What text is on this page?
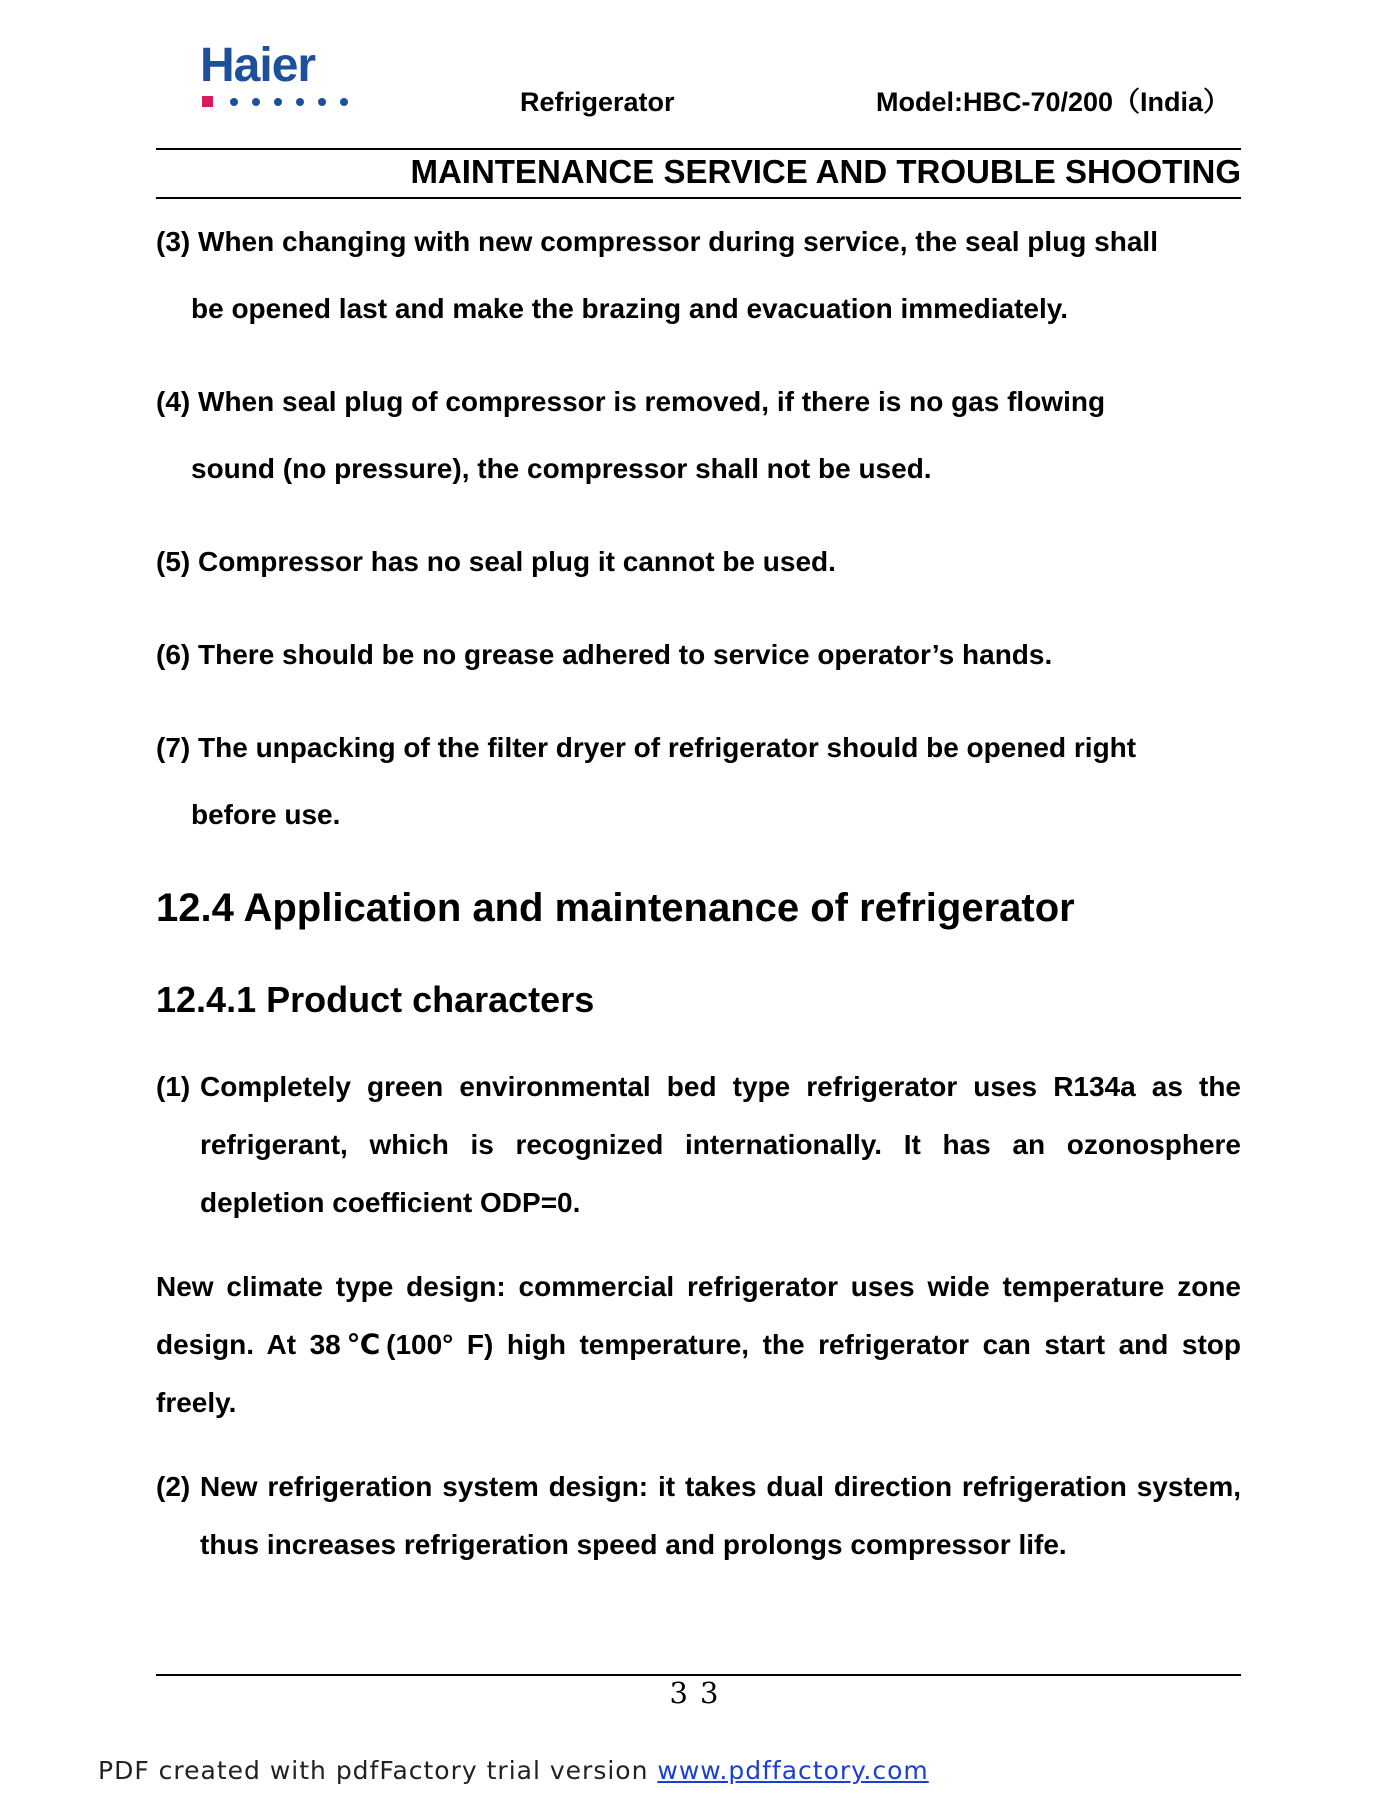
Haier
Refrigerator	Model:HBC-70/200（India）
MAINTENANCE SERVICE AND TROUBLE SHOOTING
(3) When changing with new compressor during service, the seal plug shall
be opened last and make the brazing and evacuation immediately.
(4) When seal plug of compressor is removed, if there is no gas flowing
sound (no pressure), the compressor shall not be used.
(5) Compressor has no seal plug it cannot be used.
(6) There should be no grease adhered to service operator’s hands.
(7) The unpacking of the filter dryer of refrigerator should be opened right
before use.
12.4 Application and maintenance of refrigerator
12.4.1 Product characters
(1) Completely green environmental bed type refrigerator uses R134a as the refrigerant, which is recognized internationally. It has an ozonosphere depletion coefficient ODP=0.
New climate type design: commercial refrigerator uses wide temperature zone design. At 38℃(100° F) high temperature, the refrigerator can start and stop freely.
(2) New refrigeration system design: it takes dual direction refrigeration system, thus increases refrigeration speed and prolongs compressor life.
33
PDF created with pdfFactory trial version www.pdffactory.com
